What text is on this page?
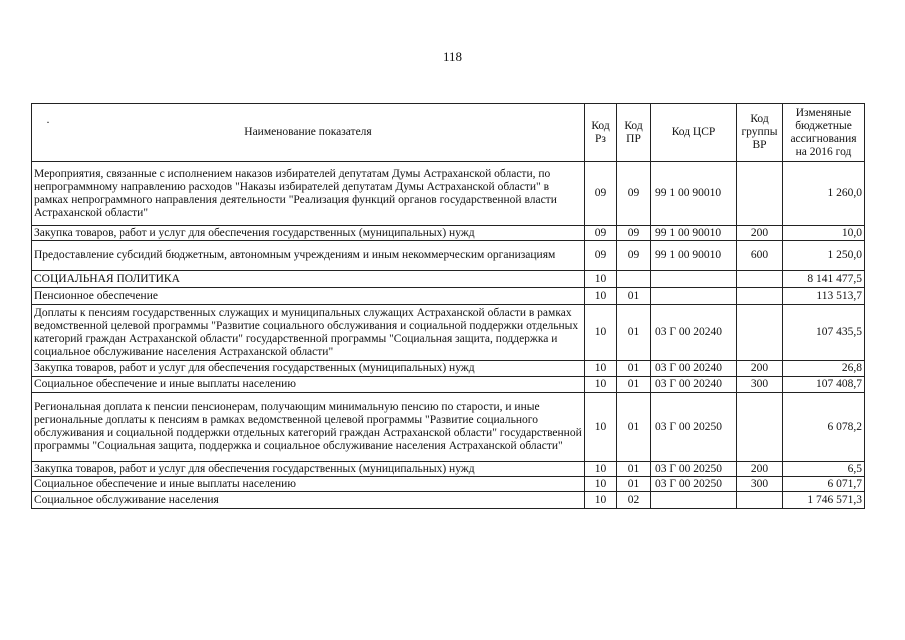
118
·
Наименование показателя	Код Рз	Код ПР	Код ЦСР	Код группы ВР	Изменяные бюджетные ассигнования на 2016 год
Мероприятия, связанные с исполнением наказов избирателей депутатам Думы Астраханской области, по непрограммному направлению расходов "Наказы избирателей депутатам Думы Астраханской области" в рамках непрограммного направления деятельности "Реализация функций органов государственной власти Астраханской области"	09	09	99 1 00 90010		1 260,0
Закупка товаров, работ и услуг для обеспечения государственных (муниципальных) нужд	09	09	99 1 00 90010	200	10,0
Предоставление субсидий бюджетным, автономным учреждениям и иным некоммерческим организациям	09	09	99 1 00 90010	600	1 250,0
СОЦИАЛЬНАЯ ПОЛИТИКА	10				8 141 477,5
Пенсионное обеспечение	10	01			113 513,7
Доплаты к пенсиям государственных служащих и муниципальных служащих Астраханской области в рамках ведомственной целевой программы "Развитие социального обслуживания и социальной поддержки отдельных категорий граждан Астраханской области" государственной программы "Социальная защита, поддержка и социальное обслуживание населения Астраханской области"	10	01	03 Г 00 20240		107 435,5
Закупка товаров, работ и услуг для обеспечения государственных (муниципальных) нужд	10	01	03 Г 00 20240	200	26,8
Социальное обеспечение и иные выплаты населению	10	01	03 Г 00 20240	300	107 408,7
Региональная доплата к пенсии пенсионерам, получающим минимальную пенсию по старости, и иные региональные доплаты к пенсиям в рамках ведомственной целевой программы "Развитие социального обслуживания и социальной поддержки отдельных категорий граждан Астраханской области" государственной программы "Социальная защита, поддержка и социальное обслуживание населения Астраханской области"	10	01	03 Г 00 20250		6 078,2
Закупка товаров, работ и услуг для обеспечения государственных (муниципальных) нужд	10	01	03 Г 00 20250	200	6,5
Социальное обеспечение и иные выплаты населению	10	01	03 Г 00 20250	300	6 071,7
Социальное обслуживание населения	10	02			1 746 571,3
